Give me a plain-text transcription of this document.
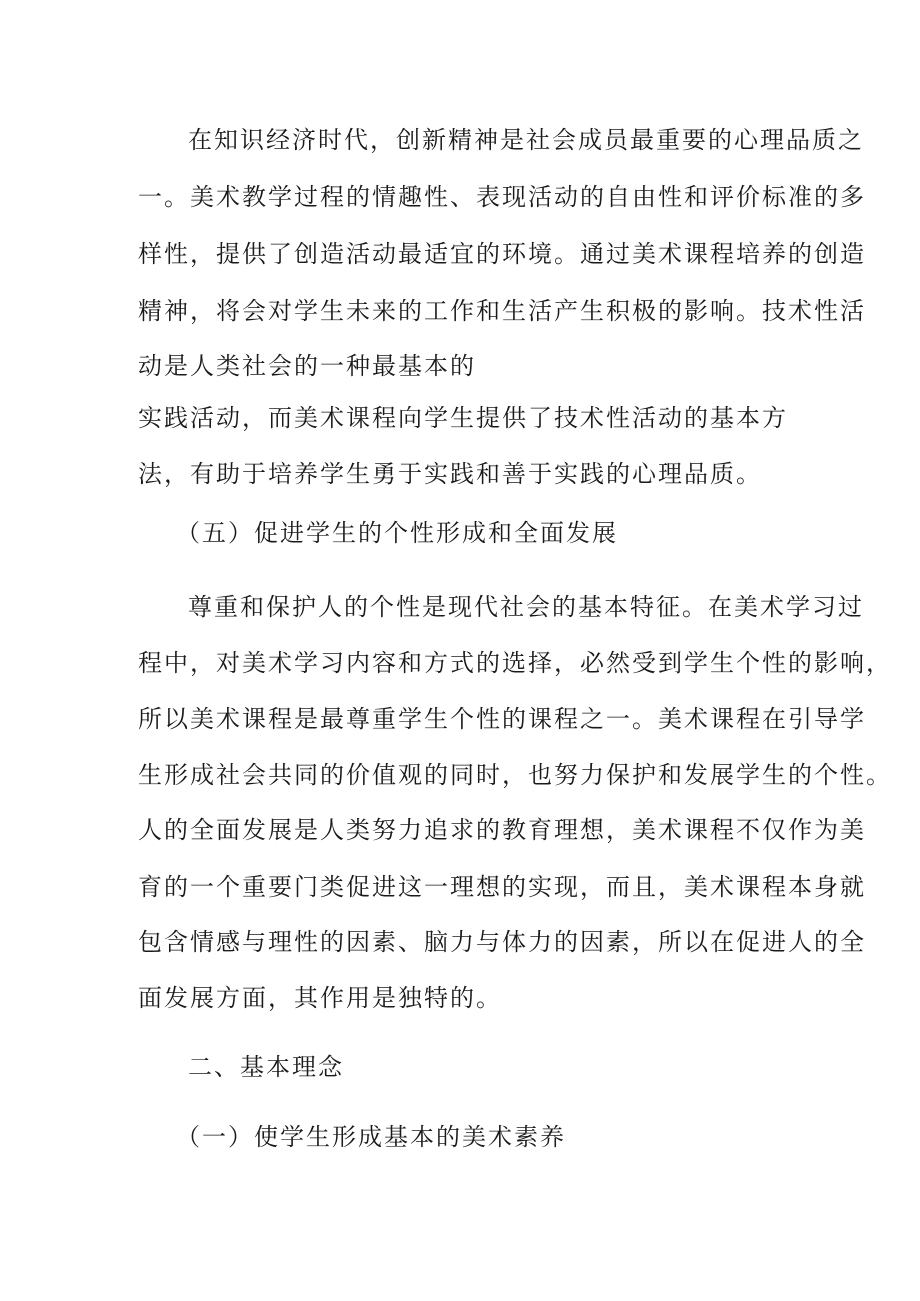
在知识经济时代，创新精神是社会成员最重要的心理品质之
一。美术教学过程的情趣性、表现活动的自由性和评价标准的多
样性，提供了创造活动最适宜的环境。通过美术课程培养的创造
精神，将会对学生未来的工作和生活产生积极的影响。技术性活
动是人类社会的一种最基本的
实践活动，而美术课程向学生提供了技术性活动的基本方
法，有助于培养学生勇于实践和善于实践的心理品质。
（五）促进学生的个性形成和全面发展
尊重和保护人的个性是现代社会的基本特征。在美术学习过
程中，对美术学习内容和方式的选择，必然受到学生个性的影响，
所以美术课程是最尊重学生个性的课程之一。美术课程在引导学
生形成社会共同的价值观的同时，也努力保护和发展学生的个性。
人的全面发展是人类努力追求的教育理想，美术课程不仅作为美
育的一个重要门类促进这一理想的实现，而且，美术课程本身就
包含情感与理性的因素、脑力与体力的因素，所以在促进人的全
面发展方面，其作用是独特的。
二、基本理念
（一）使学生形成基本的美术素养
